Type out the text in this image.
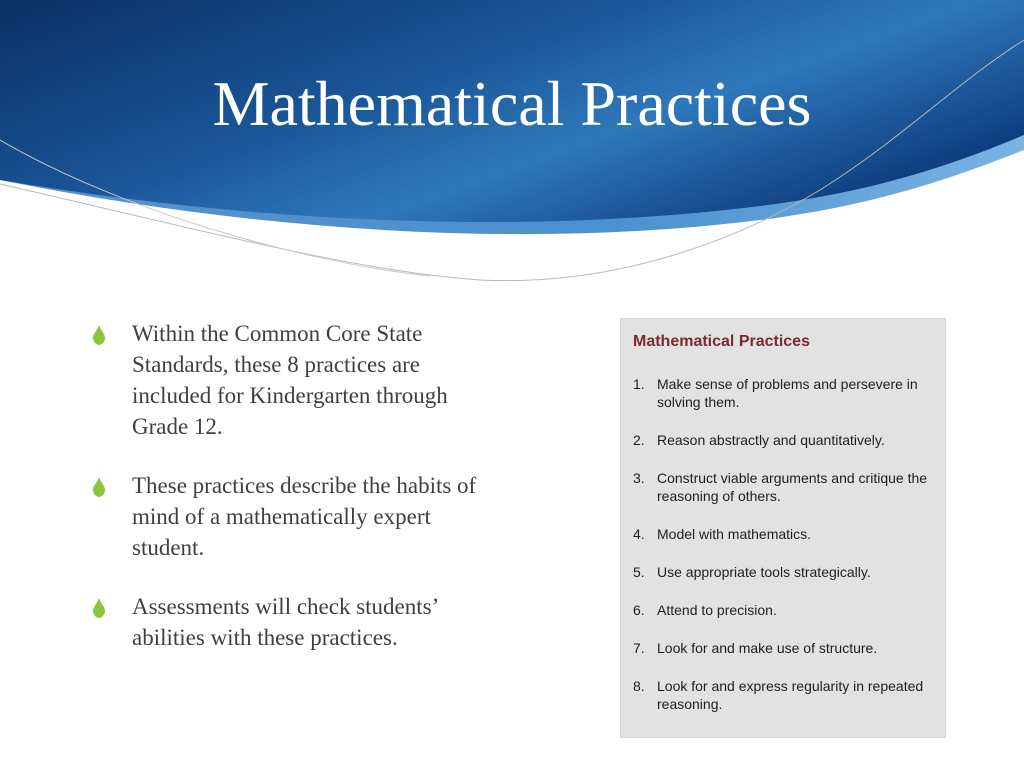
Mathematical Practices
Within the Common Core State Standards, these 8 practices are included for Kindergarten through Grade 12.
These practices describe the habits of mind of a mathematically expert student.
Assessments will check students’ abilities with these practices.
Mathematical Practices
1. Make sense of problems and persevere in solving them.
2. Reason abstractly and quantitatively.
3. Construct viable arguments and critique the reasoning of others.
4. Model with mathematics.
5. Use appropriate tools strategically.
6. Attend to precision.
7. Look for and make use of structure.
8. Look for and express regularity in repeated reasoning.
